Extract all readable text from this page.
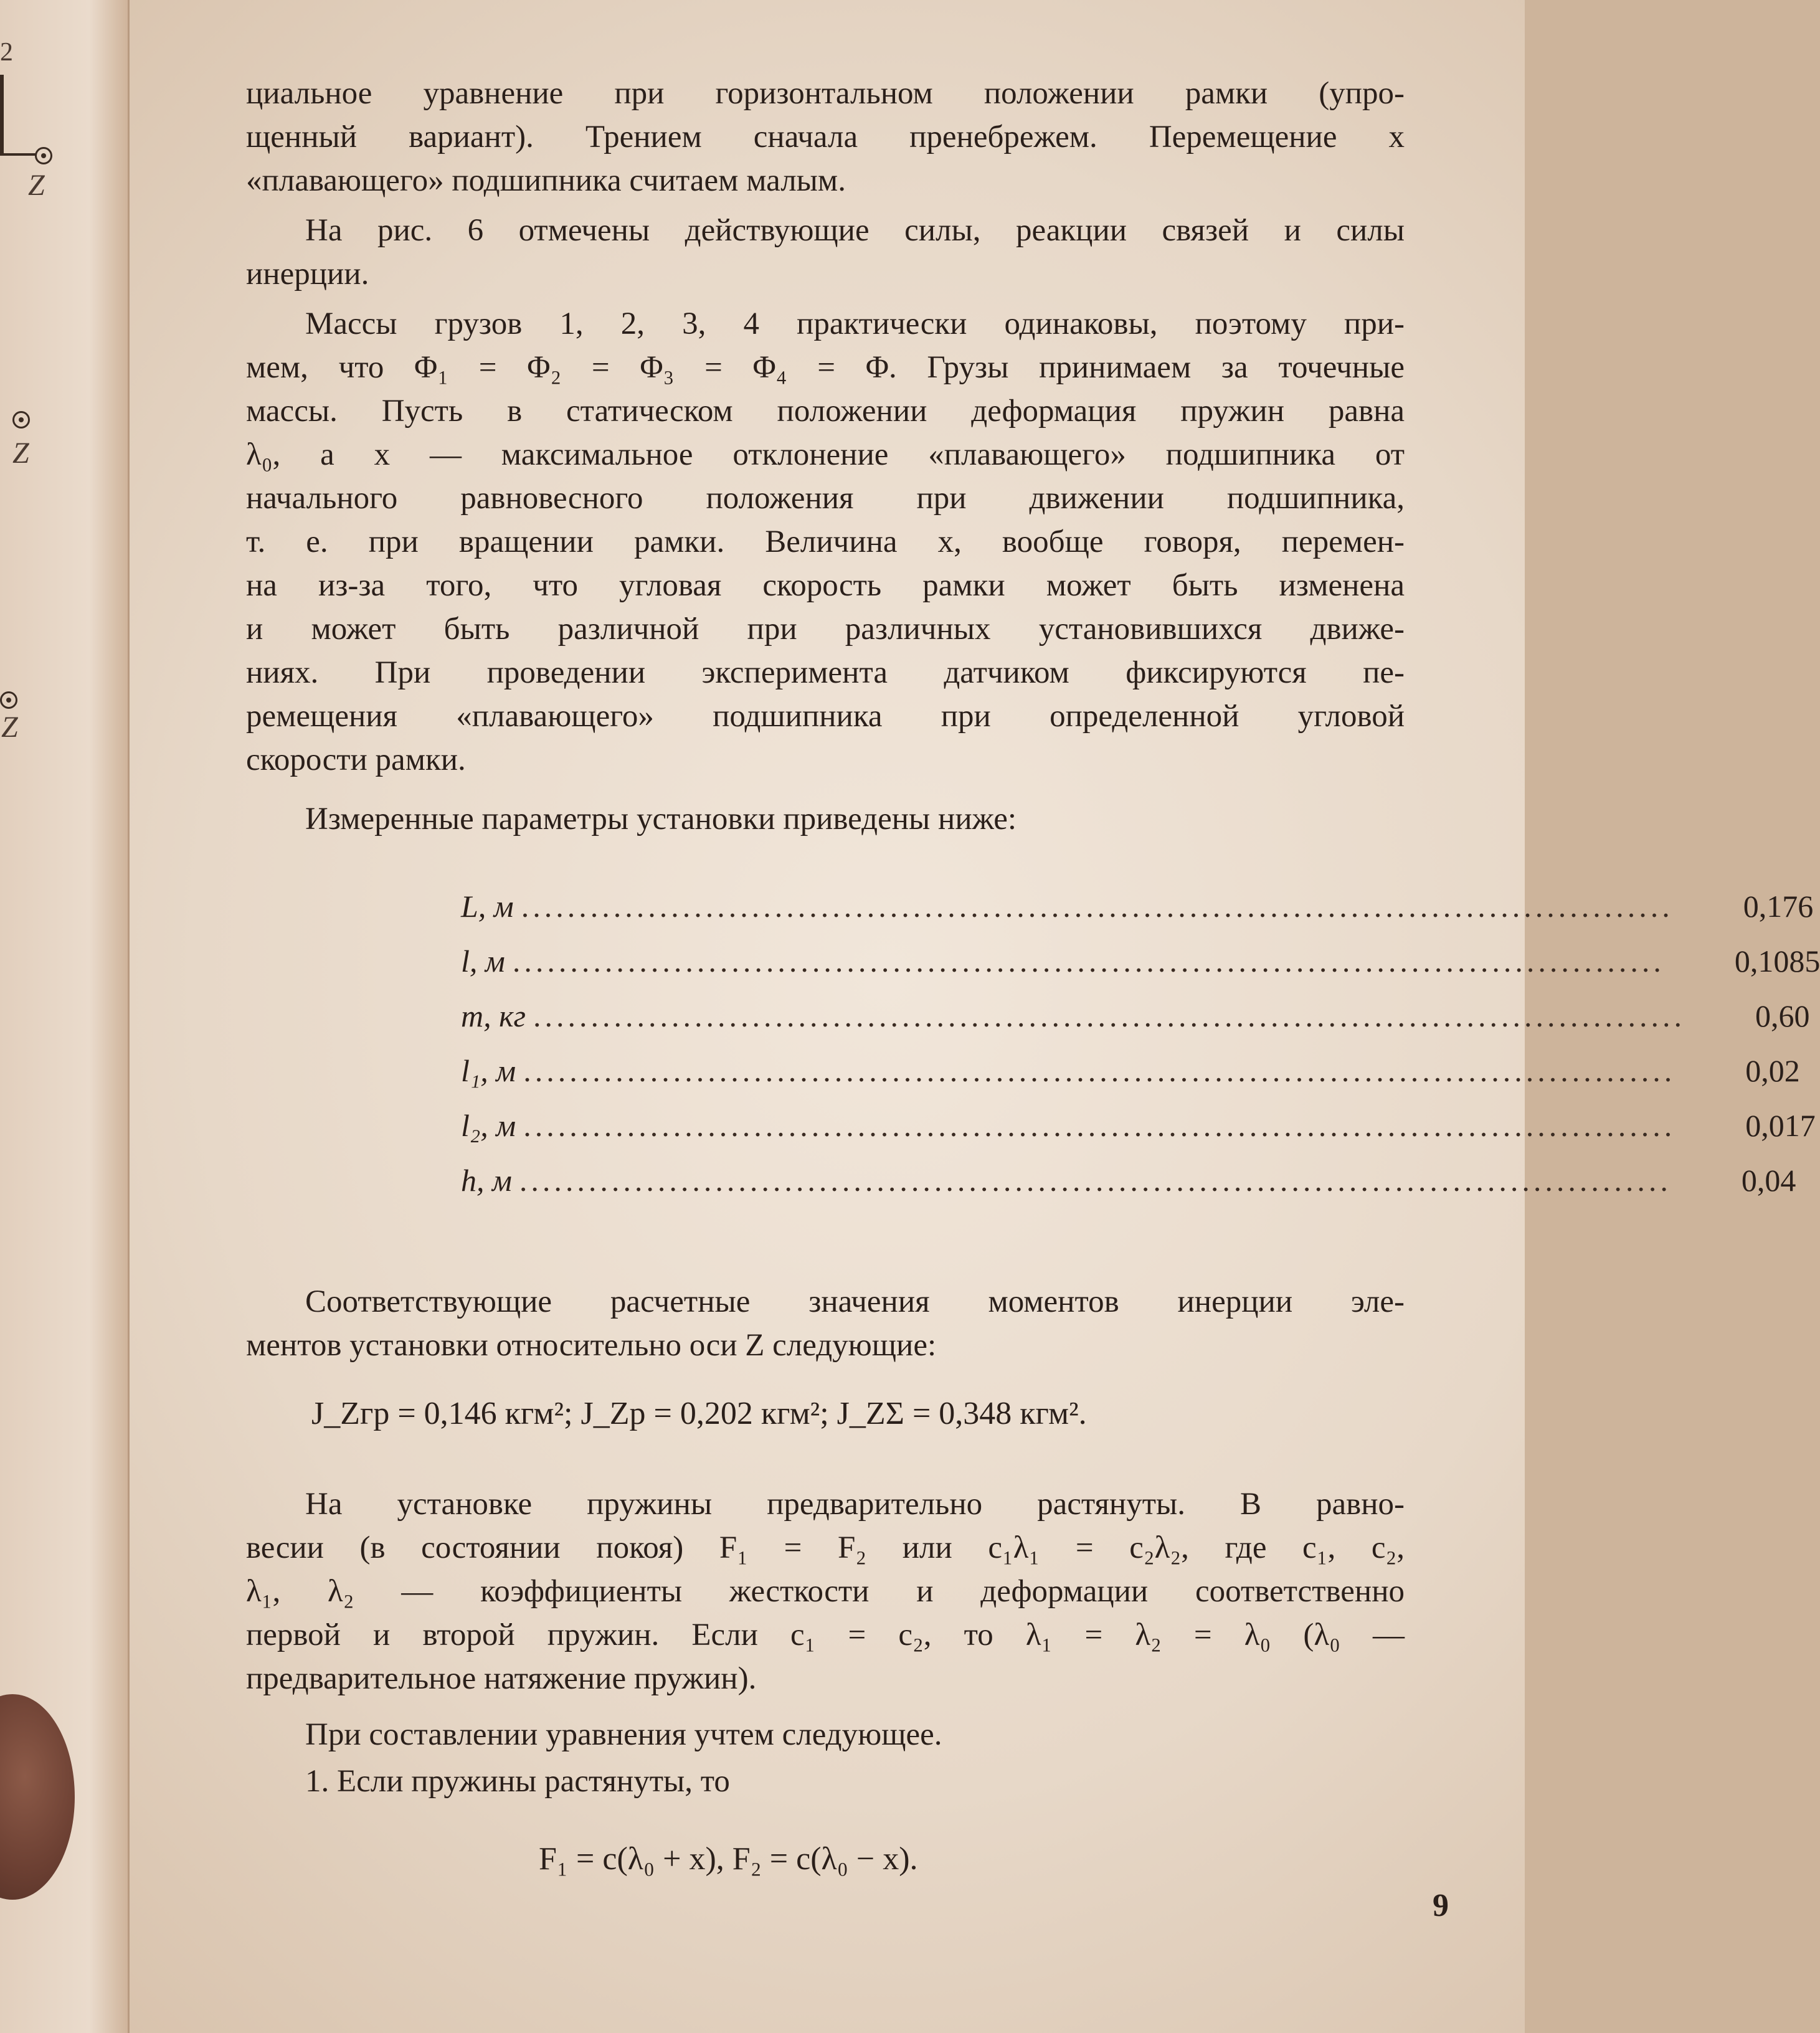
2
Z
Z
Z
циальное уравнение при горизонтальном положении рамки (упро-
щенный вариант). Трением сначала пренебрежем. Перемещение x
«плавающего» подшипника считаем малым.
На рис. 6 отмечены действующие силы, реакции связей и силы
инерции.
Массы грузов 1, 2, 3, 4 практически одинаковы, поэтому при-
мем, что Φ₁ = Φ₂ = Φ₃ = Φ₄ = Φ. Грузы принимаем за точечные
массы. Пусть в статическом положении деформация пружин равна
λ₀, а x — максимальное отклонение «плавающего» подшипника от
начального равновесного положения при движении подшипника,
т. е. при вращении рамки. Величина x, вообще говоря, перемен-
на из-за того, что угловая скорость рамки может быть изменена
и может быть различной при различных установившихся движе-
ниях. При проведении эксперимента датчиком фиксируются пе-
ремещения «плавающего» подшипника при определенной угловой
скорости рамки.
Измеренные параметры установки приведены ниже:
L, м ....................................................................................................	0,176
l, м ....................................................................................................	0,1085
m, кг ....................................................................................................	0,60
l₁, м ....................................................................................................	0,02
l₂, м ....................................................................................................	0,017
h, м ....................................................................................................	0,04
Соответствующие расчетные значения моментов инерции эле-
ментов установки относительно оси Z следующие:
J_Zгр = 0,146 кгм²; J_Zр = 0,202 кгм²; J_ZΣ = 0,348 кгм².
На установке пружины предварительно растянуты. В равно-
весии (в состоянии покоя) F₁ = F₂ или c₁λ₁ = c₂λ₂, где c₁, c₂,
λ₁, λ₂ — коэффициенты жесткости и деформации соответственно
первой и второй пружин. Если c₁ = c₂, то λ₁ = λ₂ = λ₀ (λ₀ —
предварительное натяжение пружин).
При составлении уравнения учтем следующее.
1. Если пружины растянуты, то
F₁ = c(λ₀ + x), F₂ = c(λ₀ − x).
9
